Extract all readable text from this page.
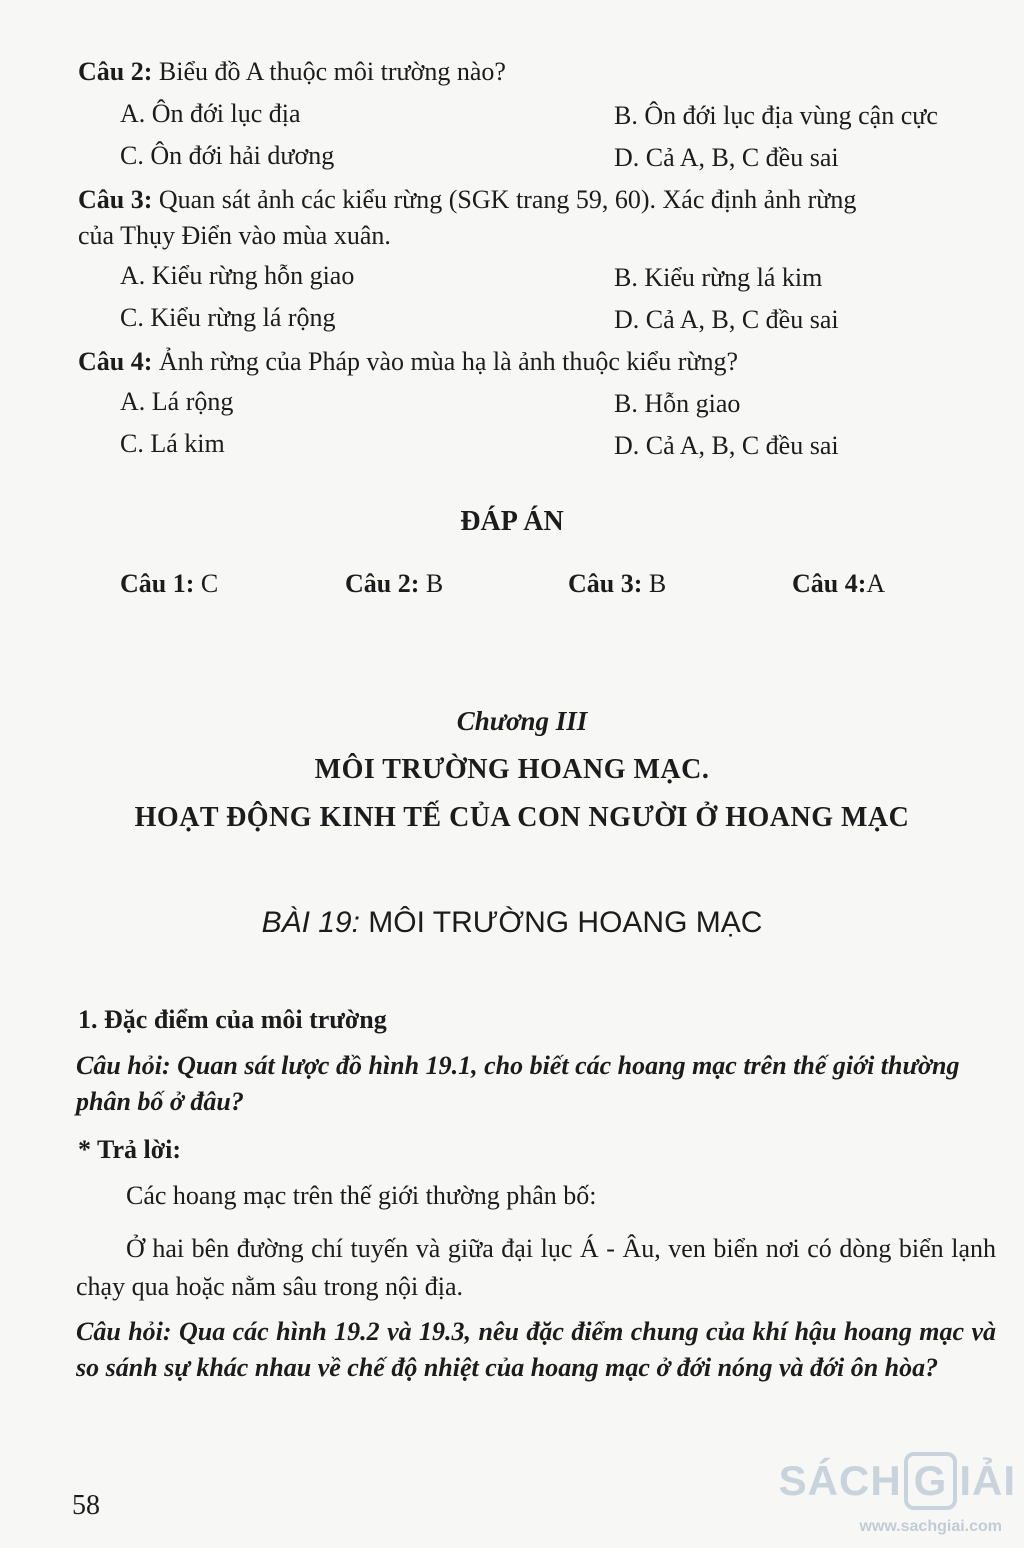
Câu 2: Biểu đồ A thuộc môi trường nào?
A. Ôn đới lục địa	B. Ôn đới lục địa vùng cận cực
C. Ôn đới hải dương	D. Cả A, B, C đều sai
Câu 3: Quan sát ảnh các kiểu rừng (SGK trang 59, 60). Xác định ảnh rừng
của Thụy Điển vào mùa xuân.
A. Kiểu rừng hỗn giao	B. Kiểu rừng lá kim
C. Kiểu rừng lá rộng	D. Cả A, B, C đều sai
Câu 4: Ảnh rừng của Pháp vào mùa hạ là ảnh thuộc kiểu rừng?
A. Lá rộng	B. Hỗn giao
C. Lá kim	D. Cả A, B, C đều sai
ĐÁP ÁN
Câu 1: C	Câu 2: B	Câu 3: B	Câu 4:A
Chương III
MÔI TRƯỜNG HOANG MẠC.
HOẠT ĐỘNG KINH TẾ CỦA CON NGƯỜI Ở HOANG MẠC
BÀI 19: MÔI TRƯỜNG HOANG MẠC
1. Đặc điểm của môi trường
Câu hỏi: Quan sát lược đồ hình 19.1, cho biết các hoang mạc trên thế giới thường phân bố ở đâu?
* Trả lời:
Các hoang mạc trên thế giới thường phân bố:
Ở hai bên đường chí tuyến và giữa đại lục Á - Âu, ven biển nơi có dòng biển lạnh chạy qua hoặc nằm sâu trong nội địa.
Câu hỏi: Qua các hình 19.2 và 19.3, nêu đặc điểm chung của khí hậu hoang mạc và so sánh sự khác nhau về chế độ nhiệt của hoang mạc ở đới nóng và đới ôn hòa?
58
SÁCH G IẢI
www.sachgiai.com
